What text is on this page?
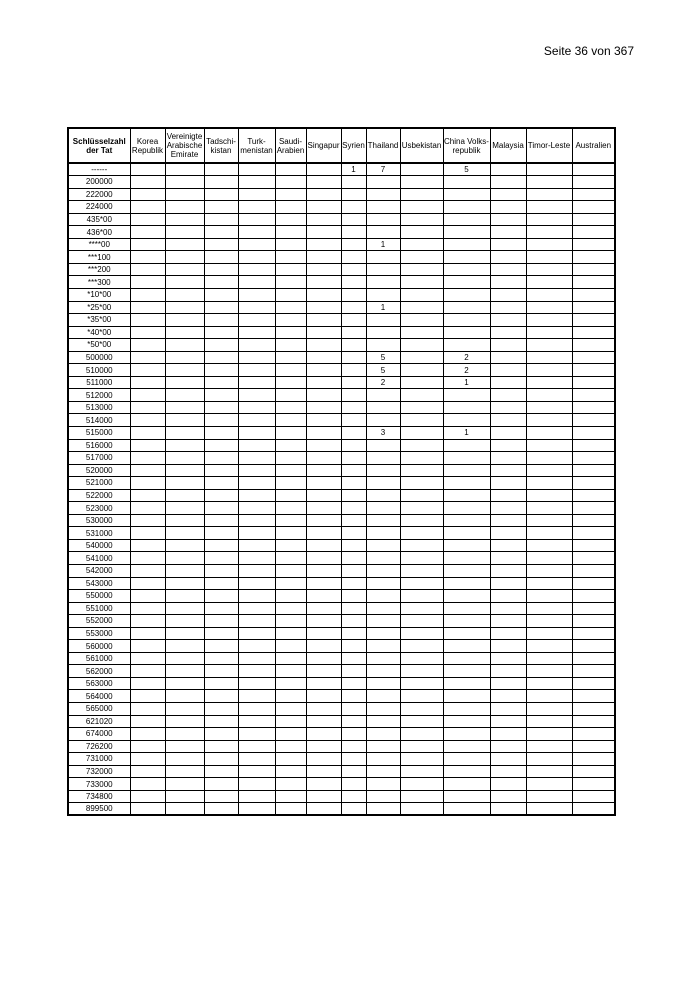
Seite 36 von 367
Schlüsselzahl der Tat	Korea Republik	Vereinigte Arabische Emirate	Tadschi-kistan	Turk-menistan	Saudi-Arabien	Singapur	Syrien	Thailand	Usbekistan	China Volks-republik	Malaysia	Timor-Leste	Australien
------							1	7		5			
200000													
222000													
224000													
435*00													
436*00													
****00								1					
***100													
***200													
***300													
*10*00													
*25*00								1					
*35*00													
*40*00													
*50*00													
500000								5		2			
510000								5		2			
511000								2		1			
512000													
513000													
514000													
515000								3		1			
516000													
517000													
520000													
521000													
522000													
523000													
530000													
531000													
540000													
541000													
542000													
543000													
550000													
551000													
552000													
553000													
560000													
561000													
562000													
563000													
564000													
565000													
621020													
674000													
726200													
731000													
732000													
733000													
734800													
899500													
